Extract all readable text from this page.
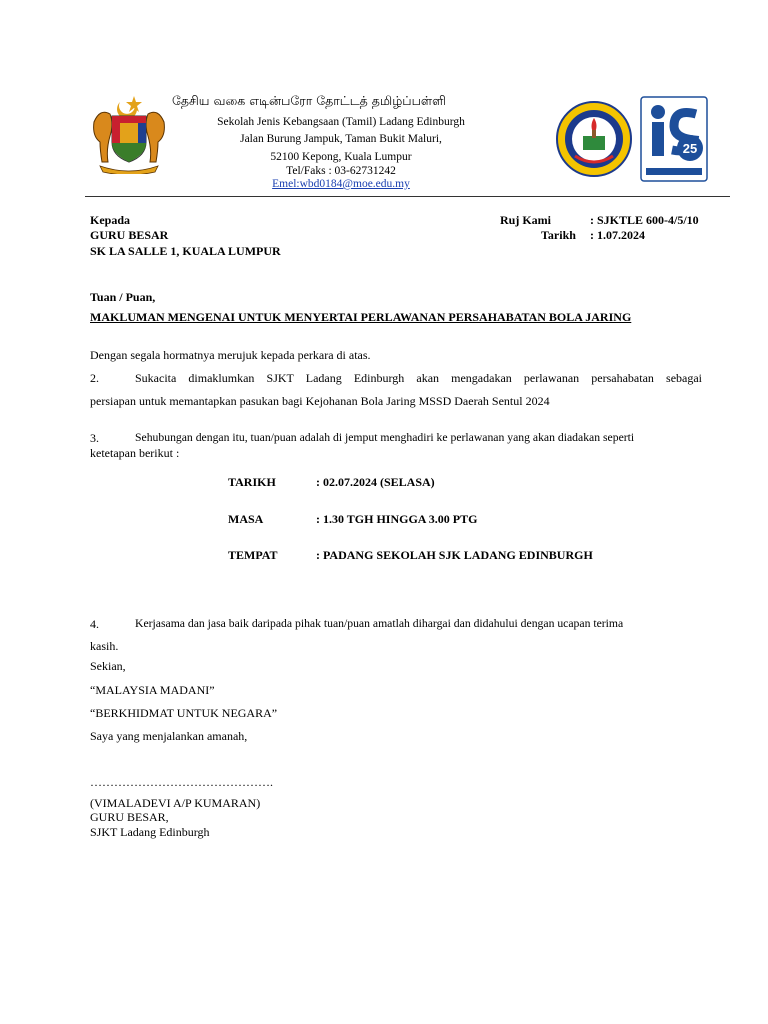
தேசிய வகை எடின்பரோ தோட்டத் தமிழ்ப்பள்ளி
Sekolah Jenis Kebangsaan (Tamil) Ladang Edinburgh
Jalan Burung Jampuk, Taman Bukit Maluri,
52100 Kepong, Kuala Lumpur
Tel/Faks : 03-62731242
Emel:wbd0184@moe.edu.my
25
Kepada
GURU BESAR
SK LA SALLE 1, KUALA LUMPUR
Ruj Kami	: SJKTLE 600-4/5/10
Tarikh : 1.07.2024
Tuan / Puan,
MAKLUMAN MENGENAI UNTUK MENYERTAI PERLAWANAN PERSAHABATAN BOLA JARING
Dengan segala hormatnya merujuk kepada perkara di atas.
2.	Sukacita dimaklumkan SJKT Ladang Edinburgh akan mengadakan perlawanan persahabatan sebagai
persiapan untuk memantapkan pasukan bagi Kejohanan Bola Jaring MSSD Daerah Sentul 2024
3.	Sehubungan dengan itu, tuan/puan adalah di jemput menghadiri ke perlawanan yang akan diadakan seperti
ketetapan berikut :
TARIKH	: 02.07.2024 (SELASA)
MASA	: 1.30 TGH HINGGA 3.00 PTG
TEMPAT	: PADANG SEKOLAH SJK LADANG EDINBURGH
4.	Kerjasama dan jasa baik daripada pihak tuan/puan amatlah dihargai dan didahului dengan ucapan terima
kasih.
Sekian,
“MALAYSIA MADANI”
“BERKHIDMAT UNTUK NEGARA”
Saya yang menjalankan amanah,
……………………………………….
(VIMALADEVI A/P KUMARAN)
GURU BESAR,
SJKT Ladang Edinburgh
